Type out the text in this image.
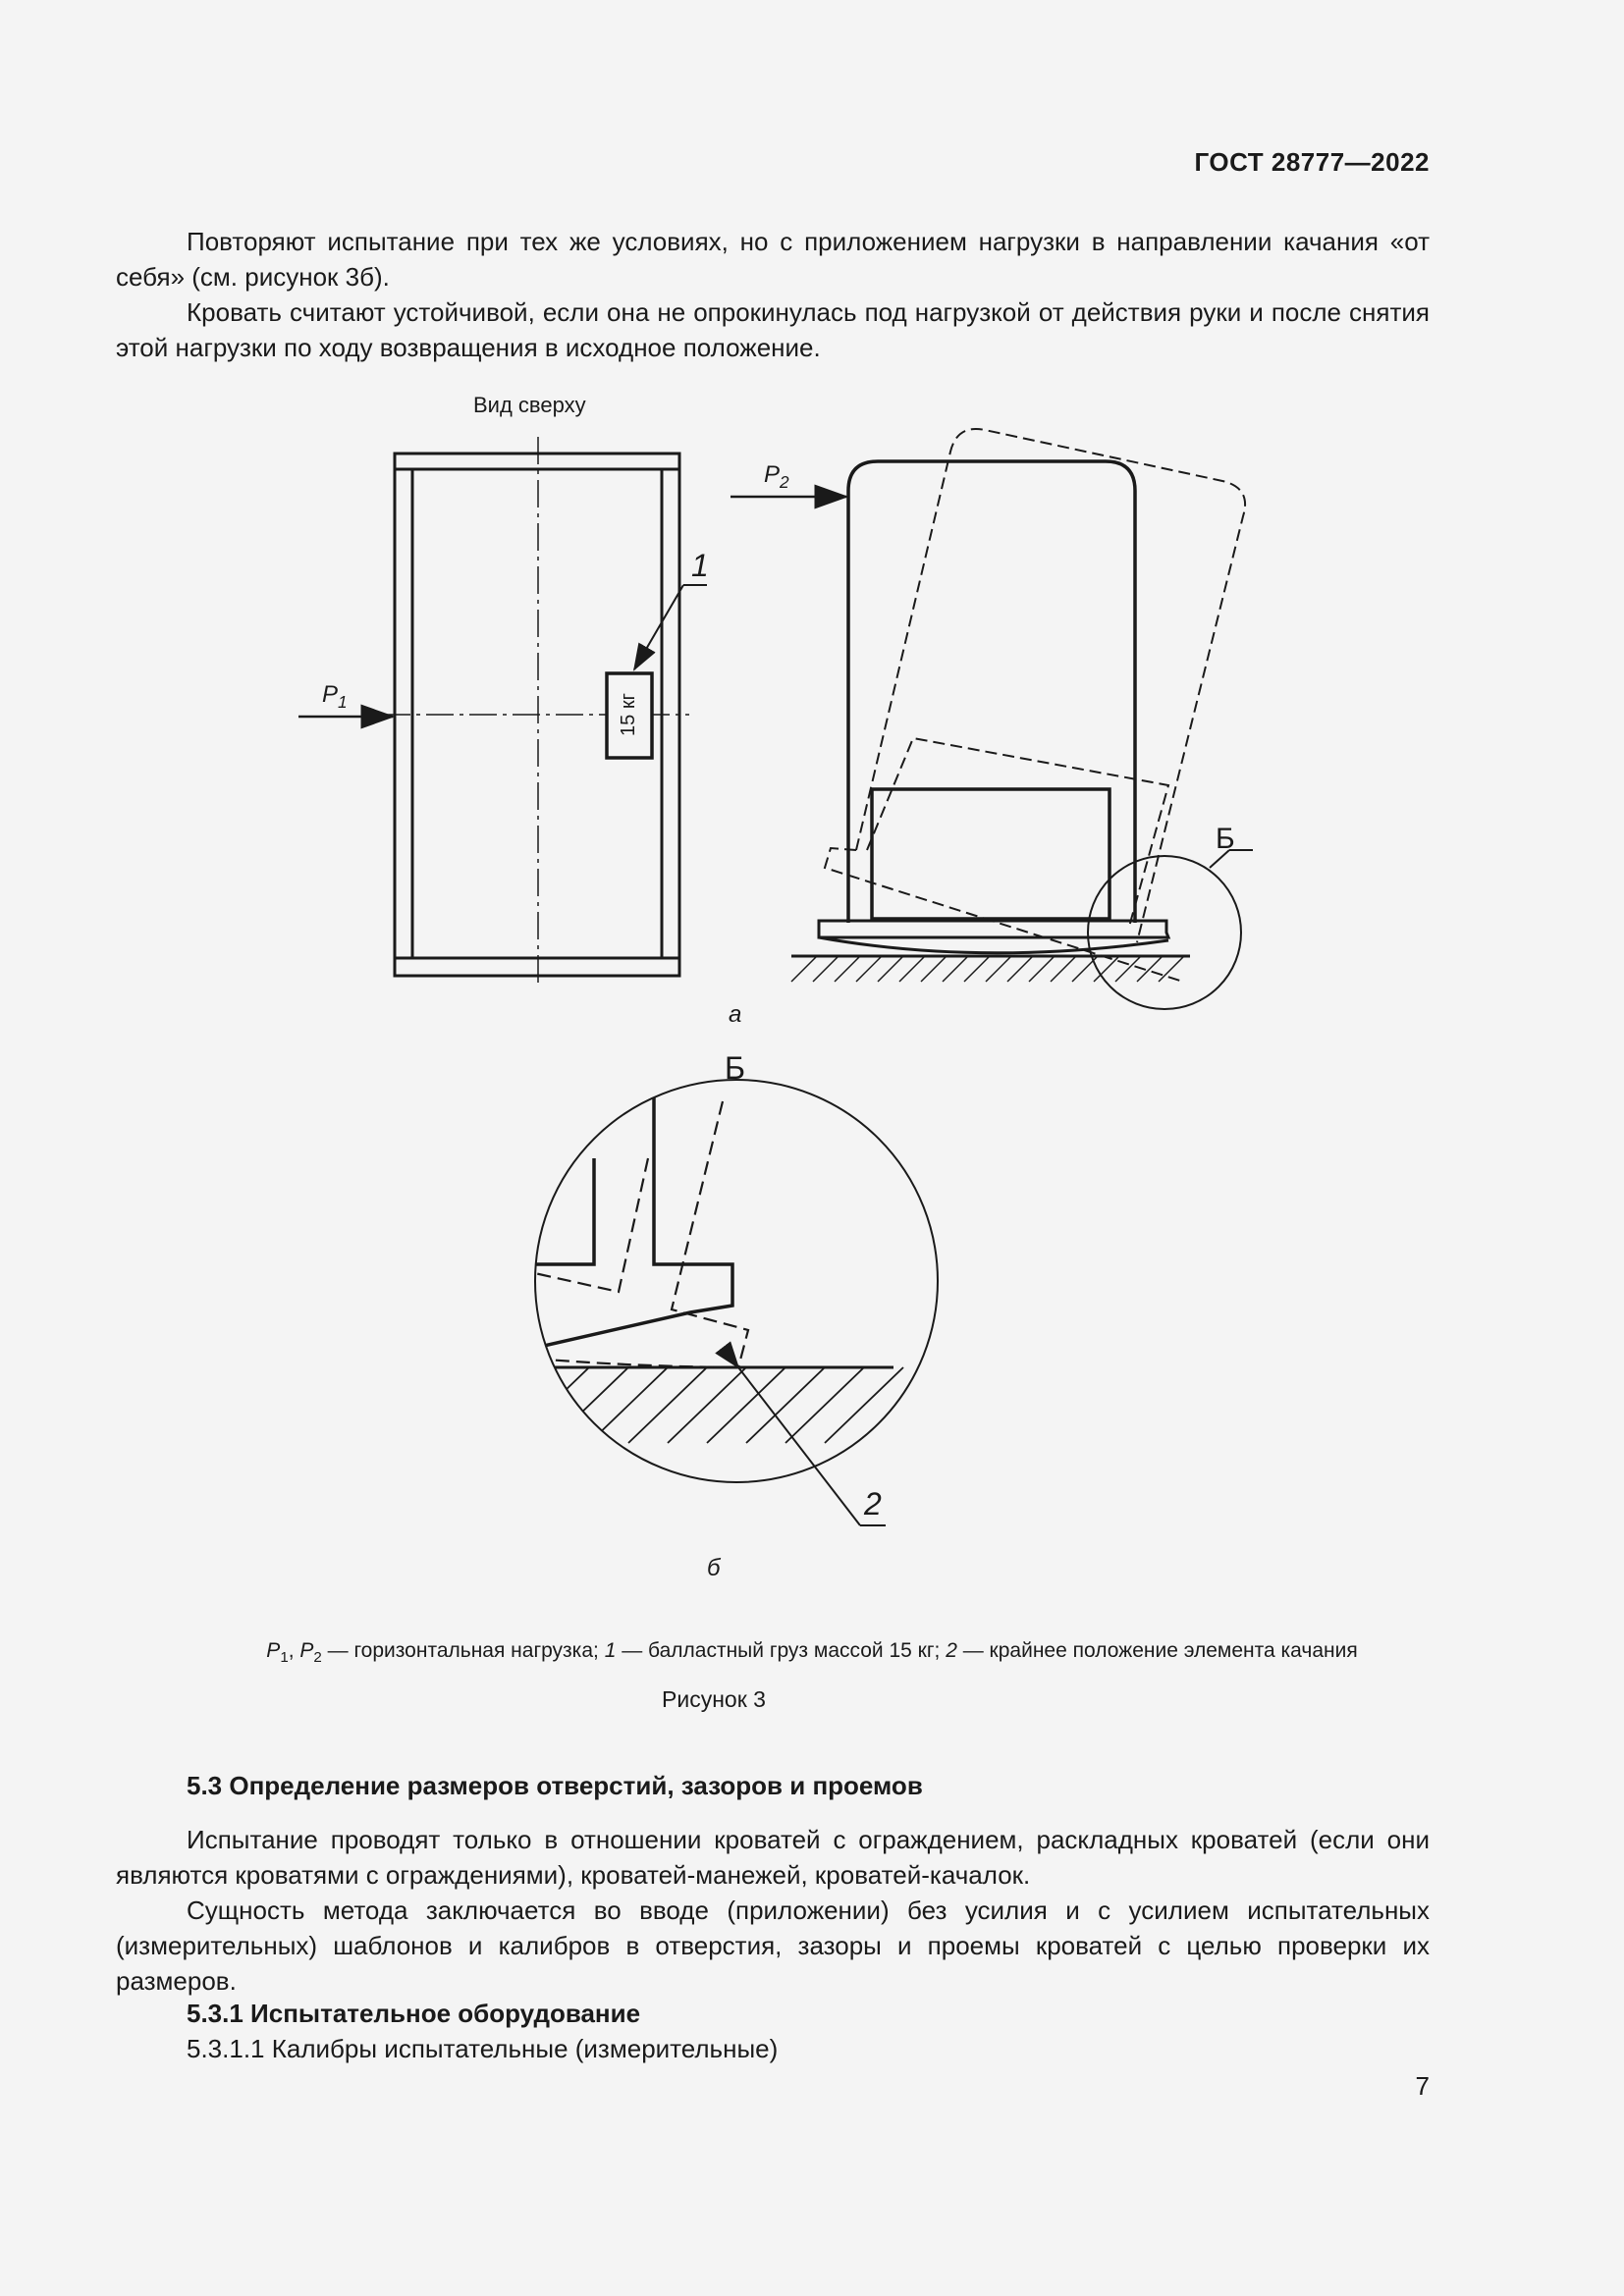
ГОСТ 28777—2022

Повторяют испытание при тех же условиях, но с приложением нагрузки в направлении качания «от себя» (см. рисунок 3б).

Кровать считают устойчивой, если она не опрокинулась под нагрузкой от действия руки и после снятия этой нагрузки по ходу возвращения в исходное положение.

Вид сверху
$P_1$
$P_2$
15 кг
1
Б
а
Б
2
б
$P_1$, $P_2$ — горизонтальная нагрузка; 1 — балластный груз массой 15 кг; 2 — крайнее положение элемента качания
Рисунок 3
5.3 Определение размеров отверстий, зазоров и проемов

Испытание проводят только в отношении кроватей с ограждением, раскладных кроватей (если они являются кроватями с ограждениями), кроватей-манежей, кроватей-качалок.

Сущность метода заключается во вводе (приложении) без усилия и с усилием испытательных (измерительных) шаблонов и калибров в отверстия, зазоры и проемы кроватей с целью проверки их размеров.

5.3.1 Испытательное оборудование
5.3.1.1 Калибры испытательные (измерительные)
7
